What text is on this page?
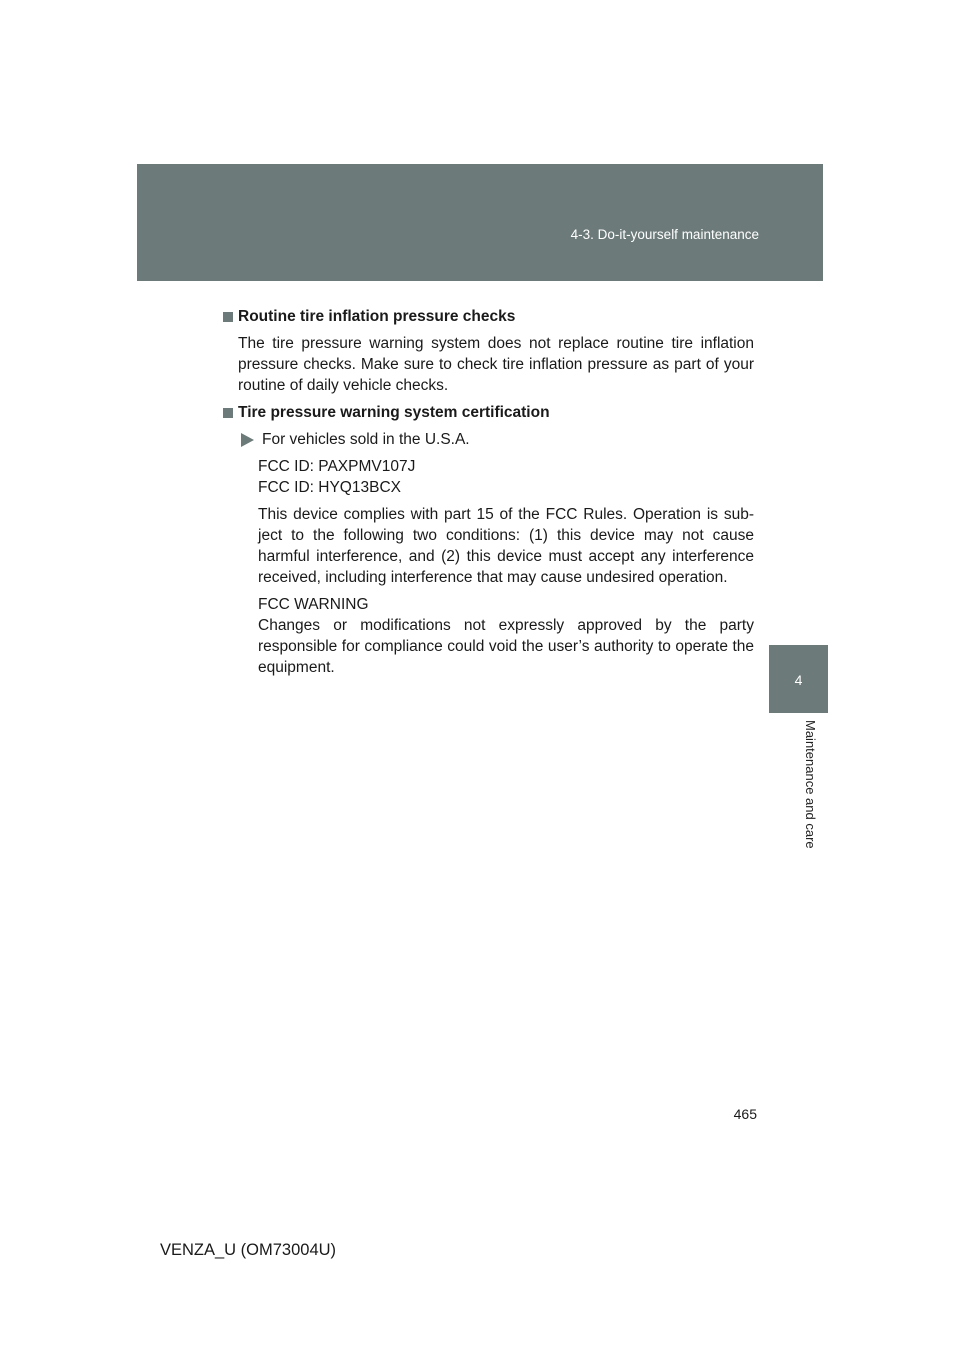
4-3. Do-it-yourself maintenance
4
Maintenance and care
Routine tire inflation pressure checks

The tire pressure warning system does not replace routine tire inflation pressure checks. Make sure to check tire inflation pressure as part of your routine of daily vehicle checks.

Tire pressure warning system certification
For vehicles sold in the U.S.A.

FCC ID: PAXPMV107J
FCC ID: HYQ13BCX

This device complies with part 15 of the FCC Rules. Operation is sub-ject to the following two conditions: (1) this device may not cause harmful interference, and (2) this device must accept any interference received, including interference that may cause undesired operation.

FCC WARNING
Changes or modifications not expressly approved by the party responsible for compliance could void the user’s authority to operate the equipment.

465
VENZA_U (OM73004U)
